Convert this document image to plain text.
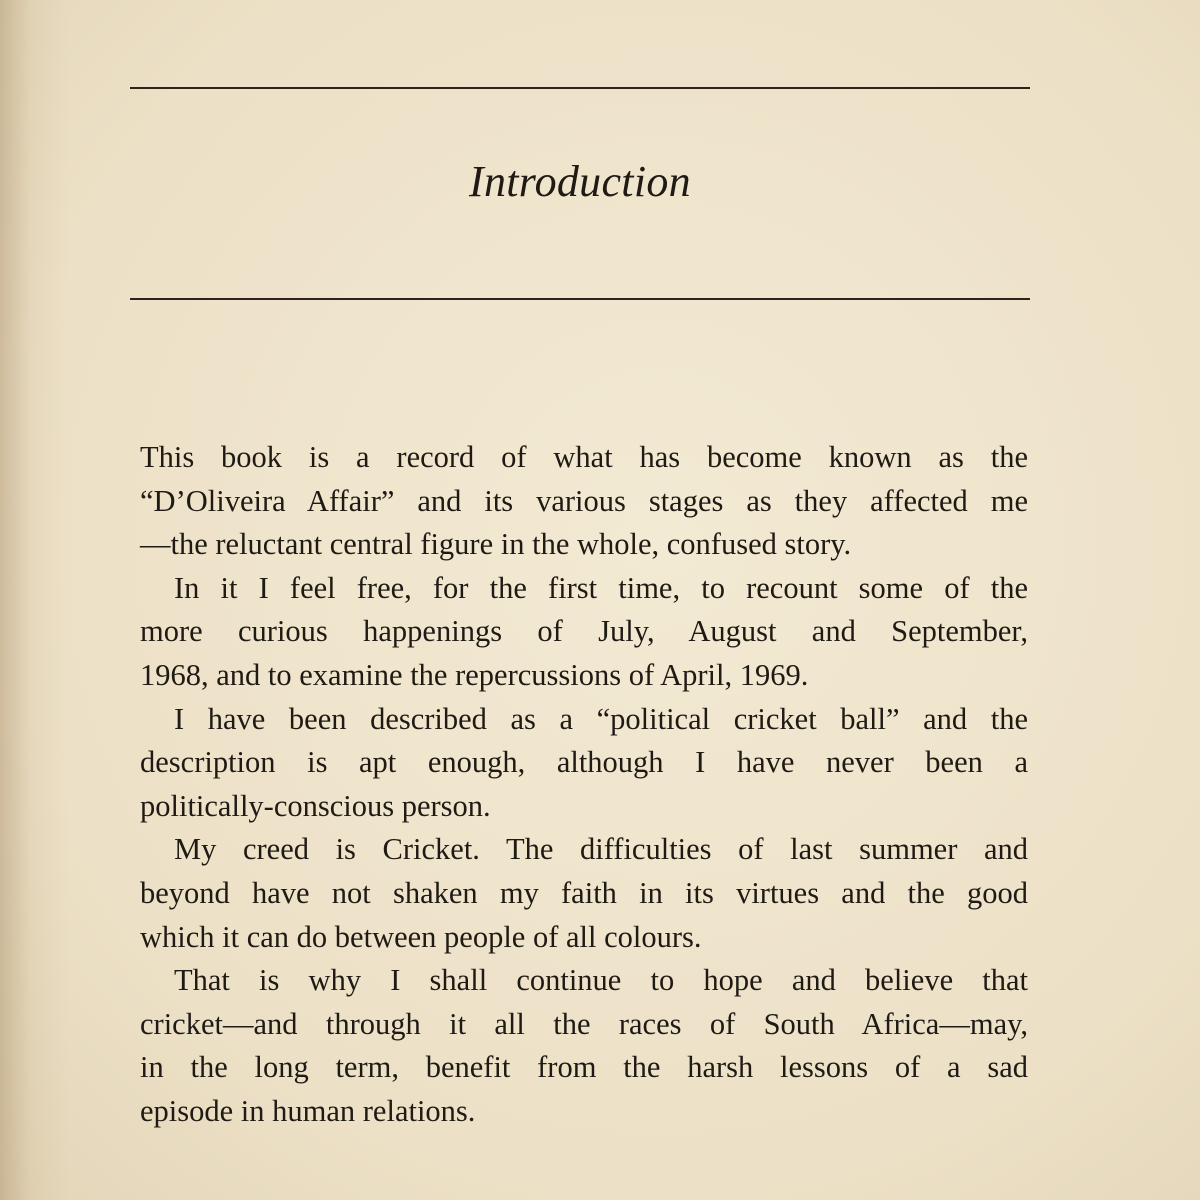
Introduction
This book is a record of what has become known as the
“D’Oliveira Affair” and its various stages as they affected me
—the reluctant central figure in the whole, confused story.
In it I feel free, for the first time, to recount some of the
more curious happenings of July, August and September,
1968, and to examine the repercussions of April, 1969.
I have been described as a “political cricket ball” and the
description is apt enough, although I have never been a
politically-conscious person.
My creed is Cricket. The difficulties of last summer and
beyond have not shaken my faith in its virtues and the good
which it can do between people of all colours.
That is why I shall continue to hope and believe that
cricket—and through it all the races of South Africa—may,
in the long term, benefit from the harsh lessons of a sad
episode in human relations.
